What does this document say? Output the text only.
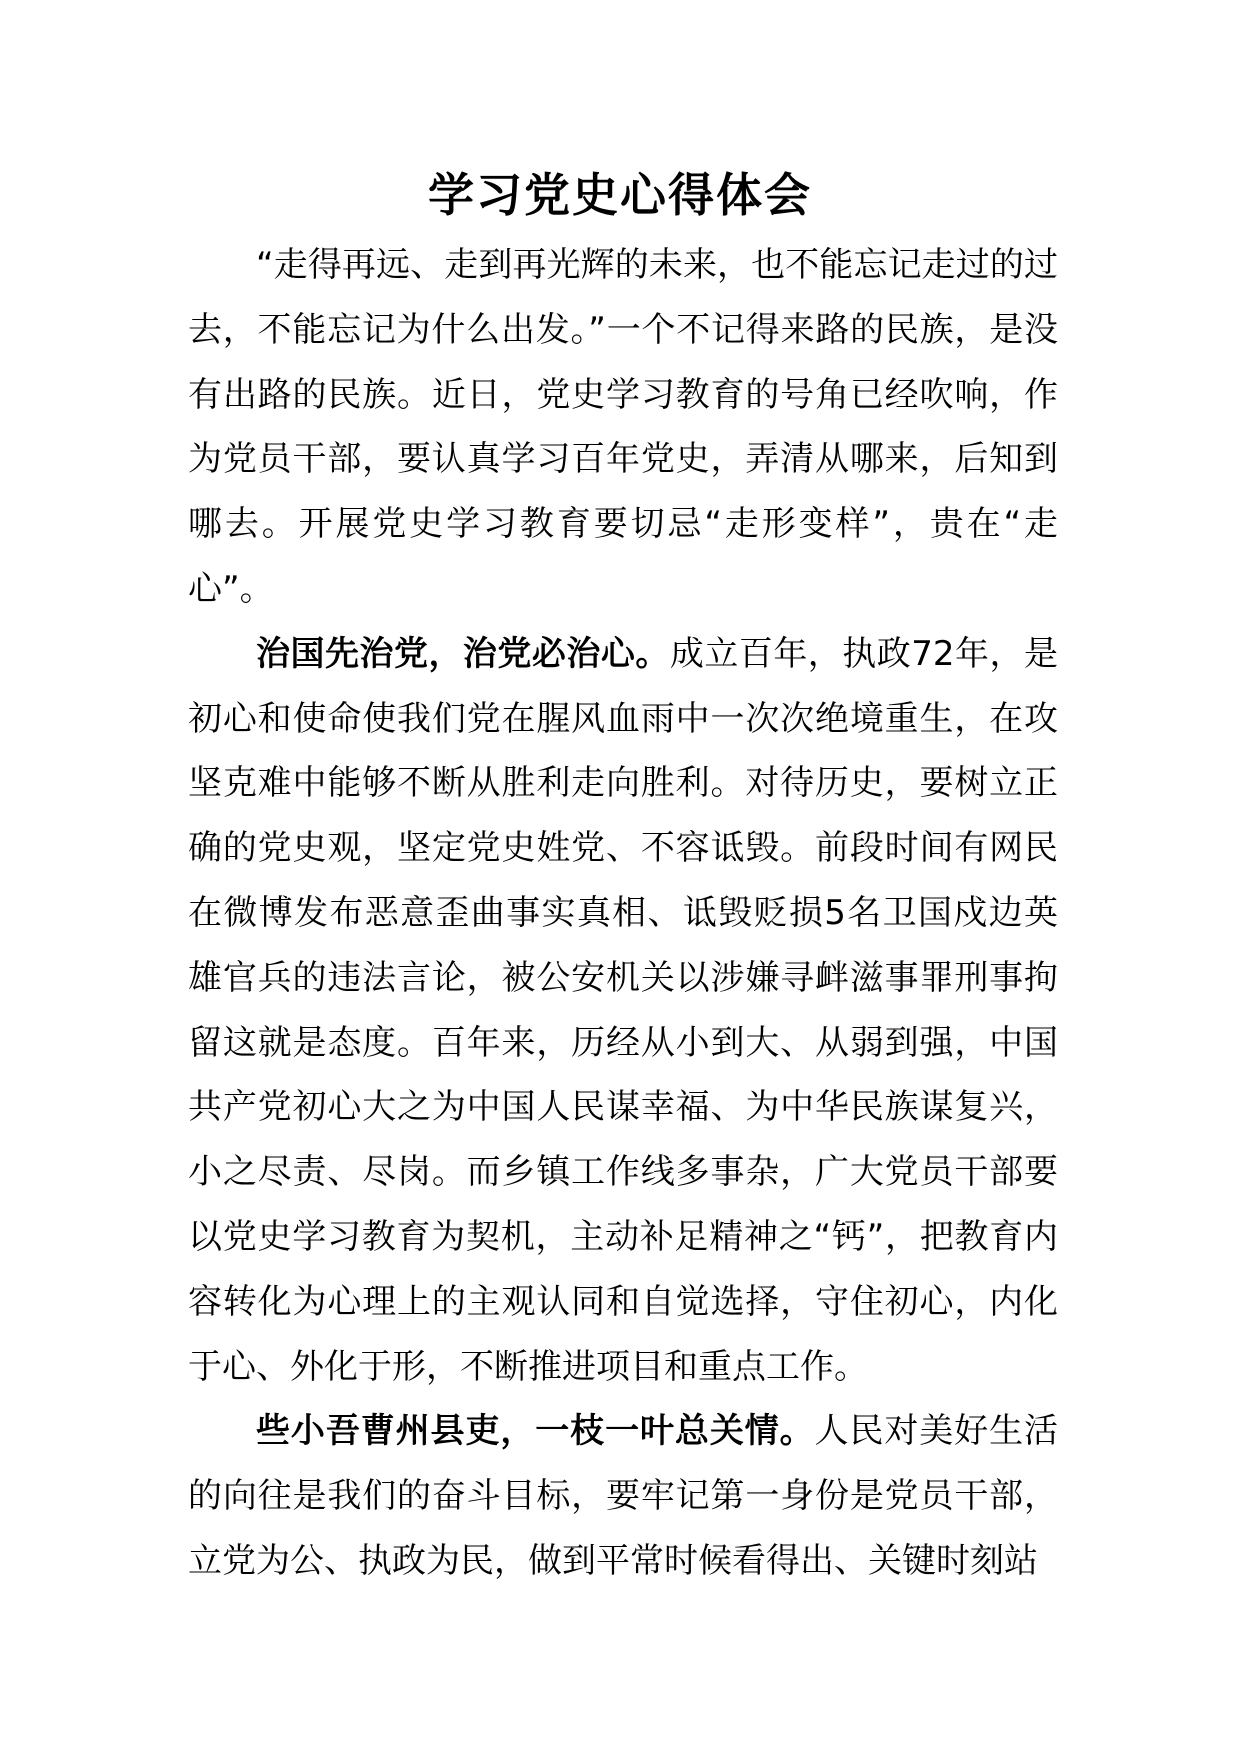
学习党史心得体会

“走得再远、走到再光辉的未来，也不能忘记走过的过去，不能忘记为什么出发。”一个不记得来路的民族，是没有出路的民族。近日，党史学习教育的号角已经吹响，作为党员干部，要认真学习百年党史，弄清从哪来，后知到哪去。开展党史学习教育要切忌“走形变样”，贵在“走心”。

治国先治党，治党必治心。成立百年，执政72年，是初心和使命使我们党在腥风血雨中一次次绝境重生，在攻坚克难中能够不断从胜利走向胜利。对待历史，要树立正确的党史观，坚定党史姓党、不容诋毁。前段时间有网民在微博发布恶意歪曲事实真相、诋毁贬损5名卫国戍边英雄官兵的违法言论，被公安机关以涉嫌寻衅滋事罪刑事拘留这就是态度。百年来，历经从小到大、从弱到强，中国共产党初心大之为中国人民谋幸福、为中华民族谋复兴，小之尽责、尽岗。而乡镇工作线多事杂，广大党员干部要以党史学习教育为契机，主动补足精神之“钙”，把教育内容转化为心理上的主观认同和自觉选择，守住初心，内化于心、外化于形，不断推进项目和重点工作。

些小吾曹州县吏，一枝一叶总关情。人民对美好生活的向往是我们的奋斗目标，要牢记第一身份是党员干部，立党为公、执政为民，做到平常时候看得出、关键时刻站
